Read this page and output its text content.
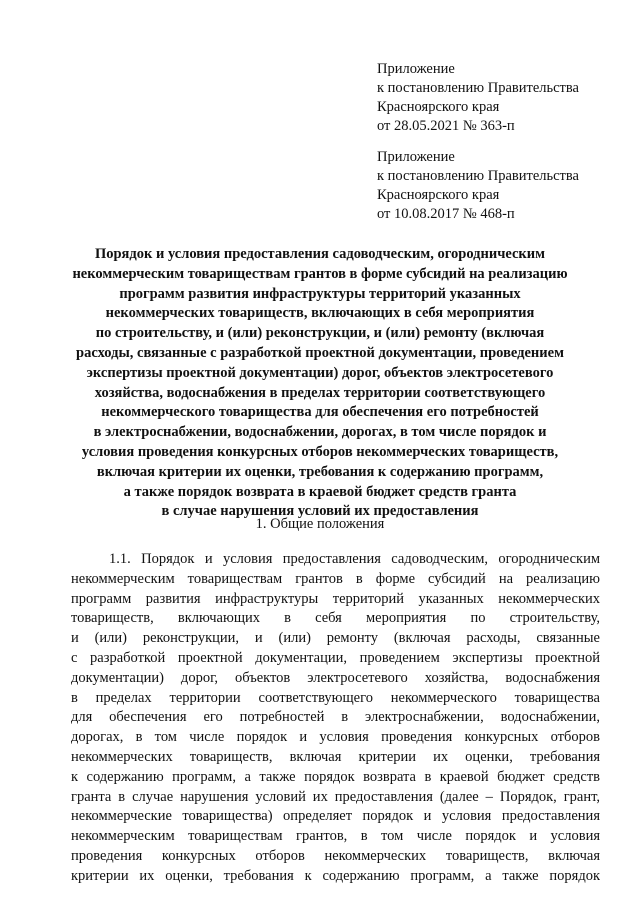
Приложение
к постановлению Правительства
Красноярского края
от 28.05.2021 № 363-п
Приложение
к постановлению Правительства
Красноярского края
от 10.08.2017 № 468-п
Порядок и условия предоставления садоводческим, огородническим
некоммерческим товариществам грантов в форме субсидий на реализацию
программ развития инфраструктуры территорий указанных
некоммерческих товариществ, включающих в себя мероприятия
по строительству, и (или) реконструкции, и (или) ремонту (включая
расходы, связанные с разработкой проектной документации, проведением
экспертизы проектной документации) дорог, объектов электросетевого
хозяйства, водоснабжения в пределах территории соответствующего
некоммерческого товарищества для обеспечения его потребностей
в электроснабжении, водоснабжении, дорогах, в том числе порядок и
условия проведения конкурсных отборов некоммерческих товариществ,
включая критерии их оценки, требования к содержанию программ,
а также порядок возврата в краевой бюджет средств гранта
в случае нарушения условий их предоставления
1. Общие положения
1.1. Порядок и условия предоставления садоводческим, огородническим
некоммерческим товариществам грантов в форме субсидий на реализацию
программ развития инфраструктуры территорий указанных некоммерческих
товариществ, включающих в себя мероприятия по строительству,
и (или) реконструкции, и (или) ремонту (включая расходы, связанные
с разработкой проектной документации, проведением экспертизы проектной
документации) дорог, объектов электросетевого хозяйства, водоснабжения
в пределах территории соответствующего некоммерческого товарищества
для обеспечения его потребностей в электроснабжении, водоснабжении,
дорогах, в том числе порядок и условия проведения конкурсных отборов
некоммерческих товариществ, включая критерии их оценки, требования
к содержанию программ, а также порядок возврата в краевой бюджет средств
гранта в случае нарушения условий их предоставления (далее – Порядок, грант,
некоммерческие товарищества) определяет порядок и условия предоставления
некоммерческим товариществам грантов, в том числе порядок и условия
проведения конкурсных отборов некоммерческих товариществ, включая
критерии их оценки, требования к содержанию программ, а также порядок
